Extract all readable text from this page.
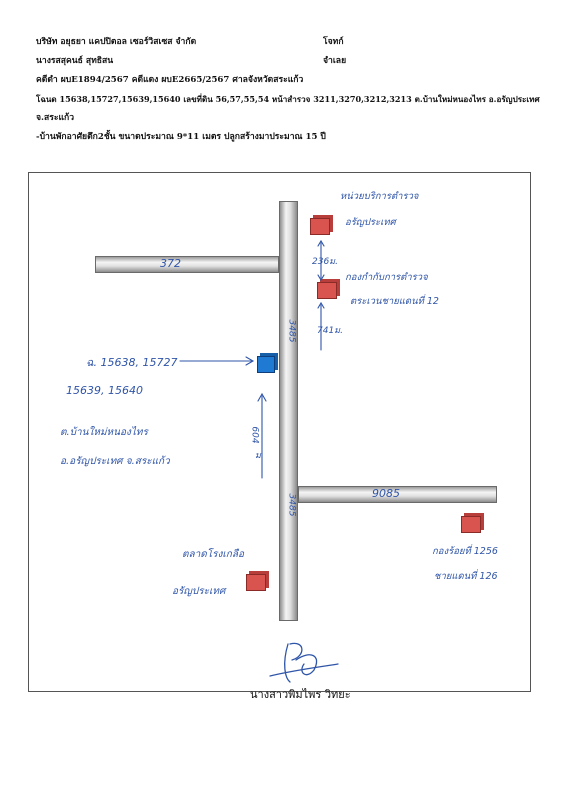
บริษัท อยุธยา แคปปิตอล เซอร์วิสเซส จำกัด	โจทก์
นางรสสุคนธ์ สุทธิสน	จำเลย
คดีดำ ผบE1894/2567 คดีแดง ผบE2665/2567 ศาลจังหวัดสระแก้ว
โฉนด 15638,15727,15639,15640 เลขที่ดิน 56,57,55,54 หน้าสำรวจ 3211,3270,3212,3213 ต.บ้านใหม่หนองไทร อ.อรัญประเทศ
จ.สระแก้ว
-บ้านพักอาศัยตึก2ชั้น ขนาดประมาณ 9*11 เมตร ปลูกสร้างมาประมาณ 15 ปี
372
3485
3485
9085
หน่วยบริการตำรวจ
อรัญประเทศ
236ม.
กองกำกับการตำรวจ
ตระเวนชายแดนที่ 12
741ม.
ฉ. 15638, 15727
15639, 15640
ต.บ้านใหม่หนองไทร
อ.อรัญประเทศ จ.สระแก้ว
604
ม.
กองร้อยที่ 1256
ชายแดนที่ 126
ตลาดโรงเกลือ
อรัญประเทศ
นางสาวพิมไพร วิทยะ
